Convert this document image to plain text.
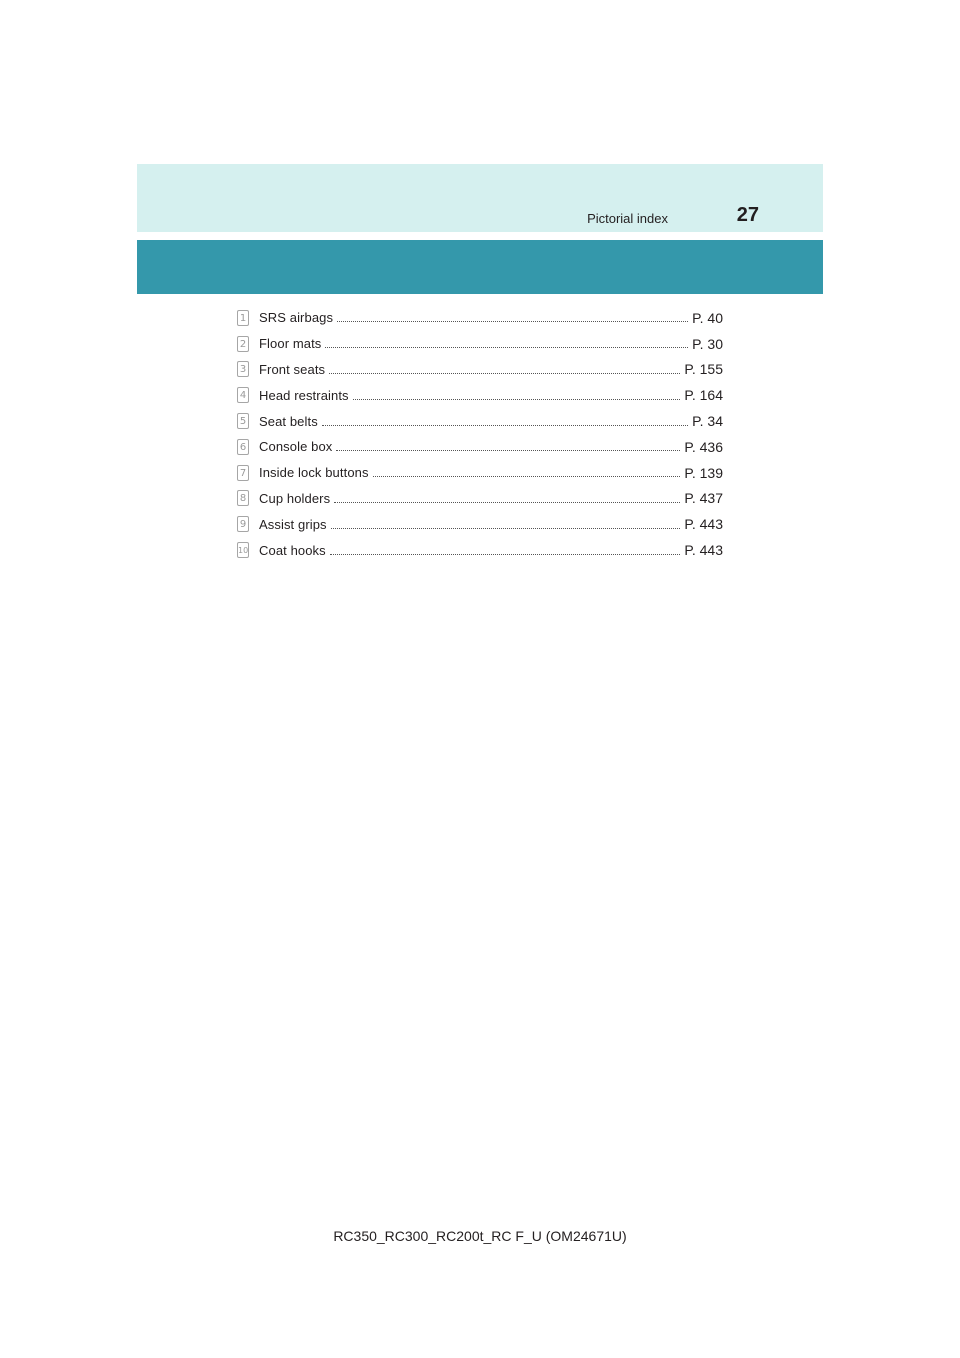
Pictorial index	27
1 SRS airbags	P. 40
2 Floor mats	P. 30
3 Front seats	P. 155
4 Head restraints	P. 164
5 Seat belts	P. 34
6 Console box	P. 436
7 Inside lock buttons	P. 139
8 Cup holders	P. 437
9 Assist grips	P. 443
10 Coat hooks	P. 443
RC350_RC300_RC200t_RC F_U (OM24671U)
